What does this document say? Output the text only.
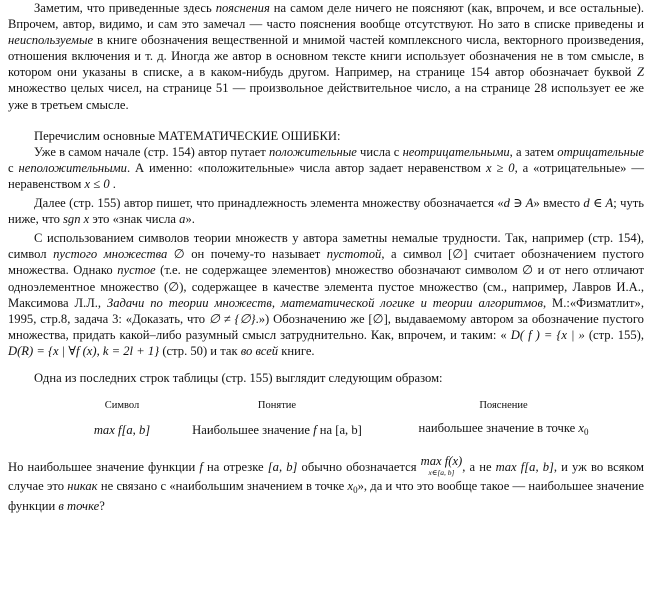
Заметим, что приведенные здесь пояснения на самом деле ничего не поясняют (как, впрочем, и все остальные). Впрочем, автор, видимо, и сам это замечал — часто пояснения вообще отсутствуют. Но зато в списке приведены и неиспользуемые в книге обозначения вещественной и мнимой частей комплексного числа, векторного произведения, отношения включения и т. д. Иногда же автор в основном тексте книги использует обозначения не в том смысле, в котором они указаны в списке, а в каком-нибудь другом. Например, на странице 154 автор обозначает буквой Z множество целых чисел, на странице 51 — произвольное действительное число, а на странице 28 использует ее же уже в третьем смысле.

Перечислим основные МАТЕМАТИЧЕСКИЕ ОШИБКИ:

Уже в самом начале (стр. 154) автор путает положительные числа с неотрицательными, а затем отрицательные с неположительными. А именно: «положительные» числа автор задает неравенством x ≥ 0, а «отрицательные» — неравенством x ≤ 0 .

Далее (стр. 155) автор пишет, что принадлежность элемента множеству обозначается «d ∋ A» вместо d ∈ A; чуть ниже, что sgn x это «знак числа a».

С использованием символов теории множеств у автора заметны немалые трудности. Так, например (стр. 154), символ пустого множества ∅ он почему-то называет пустотой, а символ [∅] считает обозначением пустого множества. Однако пустое (т.е. не содержащее элементов) множество обозначают символом ∅ и от него отличают одноэлементное множество (∅), содержащее в качестве элемента пустое множество (см., например, Лавров И.А., Максимова Л.Л., Задачи по теории множеств, математической логике и теории алгоритмов, М.:«Физматлит», 1995, стр.8, задача 3: «Доказать, что ∅ ≠ {∅}.») Обозначению же [∅], выдаваемому автором за обозначение пустого множества, придать какой–либо разумный смысл затруднительно. Как, впрочем, и таким: « D( f ) = {x | » (стр. 155), D(R) = {x | ∀f (x), k = 2l + 1} (стр. 50) и так во всей книге.

Одна из последних строк таблицы (стр. 155) выглядит следующим образом:

Символ	Понятие	Пояснение
max f[a, b]	Наибольшее значение f на [a, b]	наибольшее значение в точке $x_0$

Но наибольшее значение функции f на отрезке [a, b] обычно обозначается max f(x)
x∈[a, b] , а не max f[a, b], и уж во всяком случае это никак не связано с «наибольшим значением в точке $x_0$», да и что это вообще такое — наибольшее значение функции в точке?
